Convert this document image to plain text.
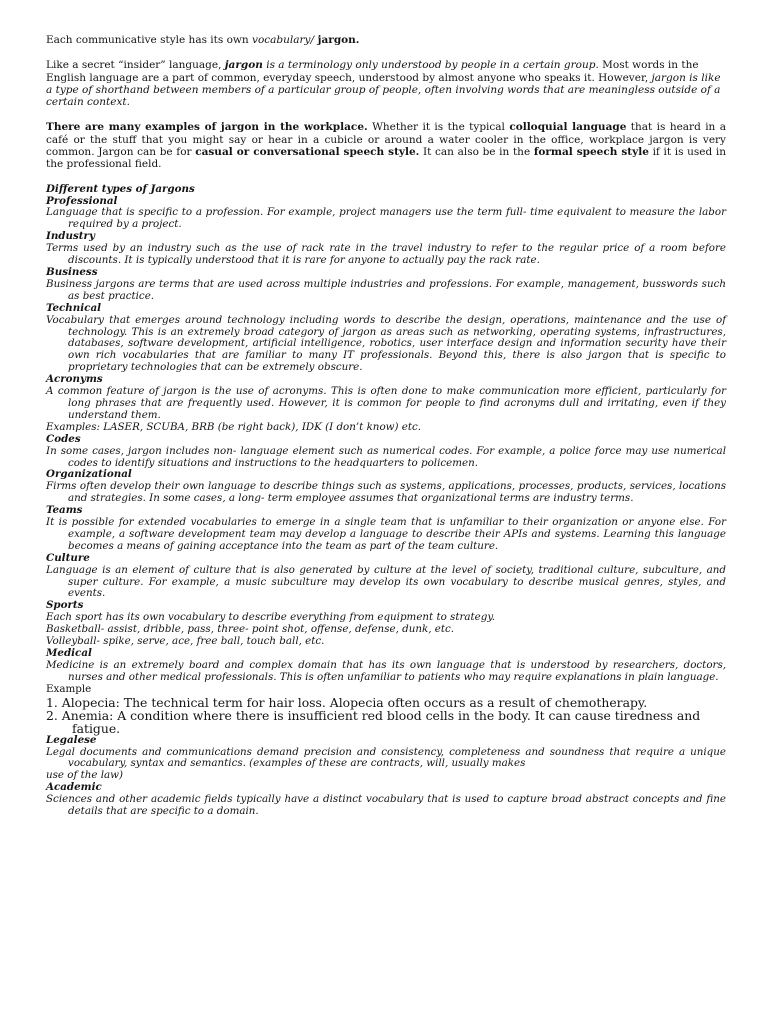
Each communicative style has its own vocabulary/ jargon.

Like a secret “insider” language, jargon is a terminology only understood by people in a certain group. Most words in the English language are a part of common, everyday speech, understood by almost anyone who speaks it. However, jargon is like a type of shorthand between members of a particular group of people, often involving words that are meaningless outside of a certain context.

There are many examples of jargon in the workplace. Whether it is the typical colloquial language that is heard in a café or the stuff that you might say or hear in a cubicle or around a water cooler in the office, workplace jargon is very common. Jargon can be for casual or conversational speech style. It can also be in the formal speech style if it is used in the professional field.

Different types of Jargons

Professional

Language that is specific to a profession. For example, project managers use the term full- time equivalent to measure the labor required by a project.

Industry

Terms used by an industry such as the use of rack rate in the travel industry to refer to the regular price of a room before discounts. It is typically understood that it is rare for anyone to actually pay the rack rate.

Business

Business jargons are terms that are used across multiple industries and professions. For example, management, busswords such as best practice.

Technical

Vocabulary that emerges around technology including words to describe the design, operations, maintenance and the use of technology. This is an extremely broad category of jargon as areas such as networking, operating systems, infrastructures, databases, software development, artificial intelligence, robotics, user interface design and information security have their own rich vocabularies that are familiar to many IT professionals. Beyond this, there is also jargon that is specific to proprietary technologies that can be extremely obscure.

Acronyms

A common feature of jargon is the use of acronyms. This is often done to make communication more efficient, particularly for long phrases that are frequently used. However, it is common for people to find acronyms dull and irritating, even if they understand them.

Examples: LASER, SCUBA, BRB (be right back), IDK (I don’t know) etc.

Codes

In some cases, jargon includes non- language element such as numerical codes. For example, a police force may use numerical codes to identify situations and instructions to the headquarters to policemen.

Organizational

Firms often develop their own language to describe things such as systems, applications, processes, products, services, locations and strategies. In some cases, a long- term employee assumes that organizational terms are industry terms.

Teams

It is possible for extended vocabularies to emerge in a single team that is unfamiliar to their organization or anyone else. For example, a software development team may develop a language to describe their APIs and systems. Learning this language becomes a means of gaining acceptance into the team as part of the team culture.

Culture

Language is an element of culture that is also generated by culture at the level of society, traditional culture, subculture, and super culture. For example, a music subculture may develop its own vocabulary to describe musical genres, styles, and events.

Sports

Each sport has its own vocabulary to describe everything from equipment to strategy.

Basketball- assist, dribble, pass, three- point shot, offense, defense, dunk, etc.

Volleyball- spike, serve, ace, free ball, touch ball, etc.

Medical

Medicine is an extremely board and complex domain that has its own language that is understood by researchers, doctors, nurses and other medical professionals. This is often unfamiliar to patients who may require explanations in plain language.

Example

1. Alopecia: The technical term for hair loss. Alopecia often occurs as a result of chemotherapy.

2. Anemia: A condition where there is insufficient red blood cells in the body. It can cause tiredness and fatigue.

Legalese

Legal documents and communications demand precision and consistency, completeness and soundness that require a unique vocabulary, syntax and semantics. (examples of these are contracts, will, usually makes

use of the law)

Academic

Sciences and other academic fields typically have a distinct vocabulary that is used to capture broad abstract concepts and fine details that are specific to a domain.
